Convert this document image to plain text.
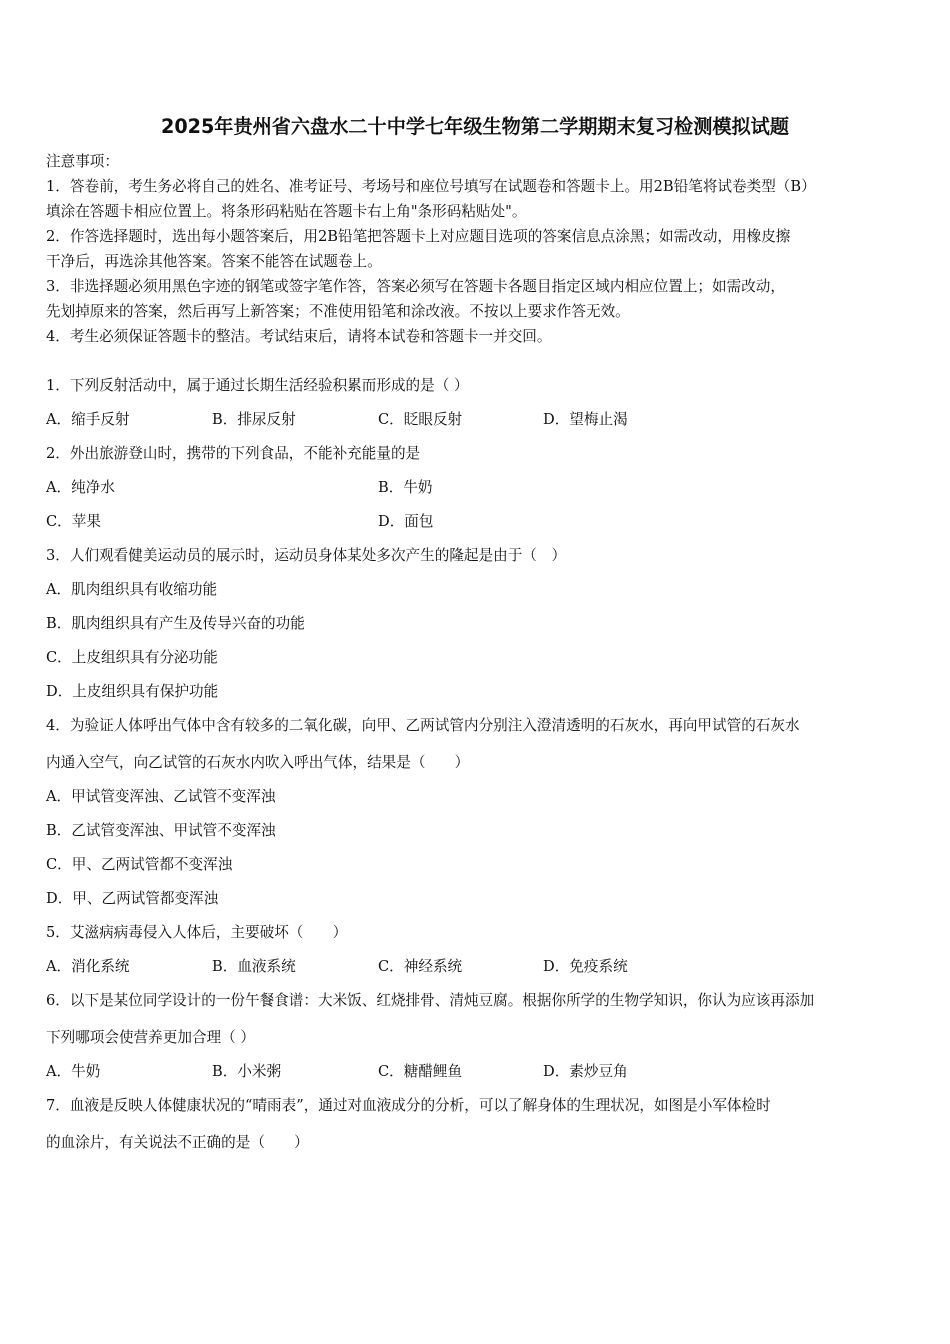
2025年贵州省六盘水二十中学七年级生物第二学期期末复习检测模拟试题
注意事项：
1．答卷前，考生务必将自己的姓名、准考证号、考场号和座位号填写在试题卷和答题卡上。用2B铅笔将试卷类型（B）
填涂在答题卡相应位置上。将条形码粘贴在答题卡右上角"条形码粘贴处"。
2．作答选择题时，选出每小题答案后，用2B铅笔把答题卡上对应题目选项的答案信息点涂黑；如需改动，用橡皮擦
干净后，再选涂其他答案。答案不能答在试题卷上。
3．非选择题必须用黑色字迹的钢笔或签字笔作答，答案必须写在答题卡各题目指定区域内相应位置上；如需改动，
先划掉原来的答案，然后再写上新答案；不准使用铅笔和涂改液。不按以上要求作答无效。
4．考生必须保证答题卡的整洁。考试结束后，请将本试卷和答题卡一并交回。
1．下列反射活动中，属于通过长期生活经验积累而形成的是（ ）
A．缩手反射	B．排尿反射	C．眨眼反射	D．望梅止渴
2．外出旅游登山时，携带的下列食品，不能补充能量的是
A．纯净水	B．牛奶
C．苹果	D．面包
3．人们观看健美运动员的展示时，运动员身体某处多次产生的隆起是由于（　）
A．肌肉组织具有收缩功能
B．肌肉组织具有产生及传导兴奋的功能
C．上皮组织具有分泌功能
D．上皮组织具有保护功能
4．为验证人体呼出气体中含有较多的二氧化碳，向甲、乙两试管内分别注入澄清透明的石灰水，再向甲试管的石灰水
内通入空气，向乙试管的石灰水内吹入呼出气体，结果是（　　）
A．甲试管变浑浊、乙试管不变浑浊
B．乙试管变浑浊、甲试管不变浑浊
C．甲、乙两试管都不变浑浊
D．甲、乙两试管都变浑浊
5．艾滋病病毒侵入人体后，主要破坏（　　）
A．消化系统	B．血液系统	C．神经系统	D．免疫系统
6．以下是某位同学设计的一份午餐食谱：大米饭、红烧排骨、清炖豆腐。根据你所学的生物学知识，你认为应该再添加
下列哪项会使营养更加合理（ ）
A．牛奶	B．小米粥	C．糖醋鲤鱼	D．素炒豆角
7．血液是反映人体健康状况的“晴雨表”，通过对血液成分的分析，可以了解身体的生理状况，如图是小军体检时
的血涂片，有关说法不正确的是（　　）
